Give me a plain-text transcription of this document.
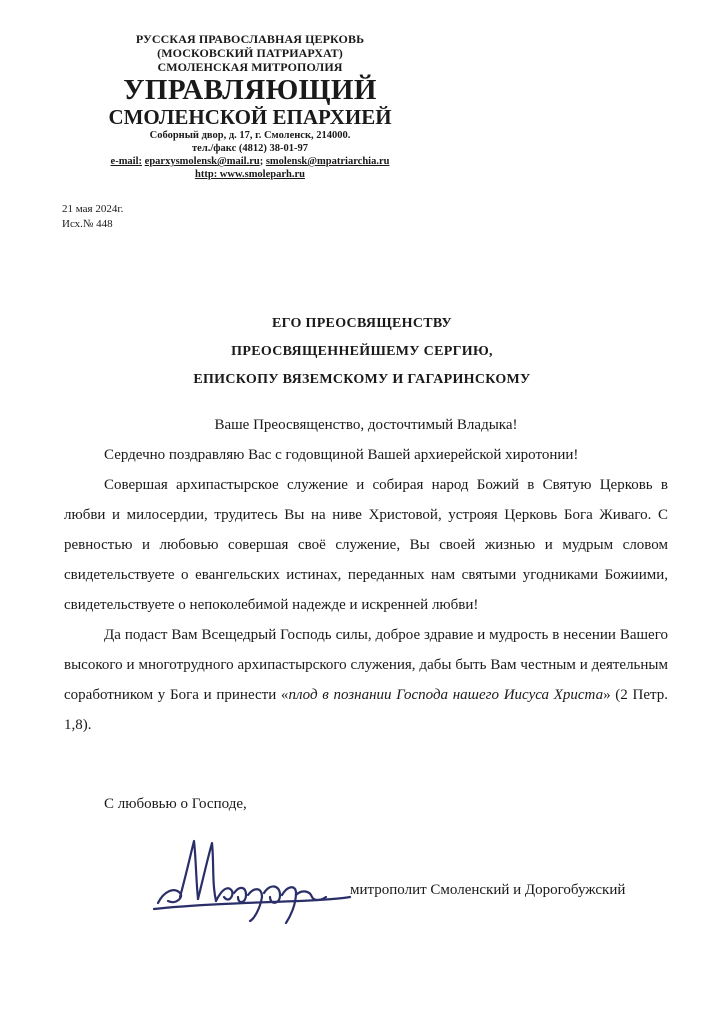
РУССКАЯ ПРАВОСЛАВНАЯ ЦЕРКОВЬ
(МОСКОВСКИЙ ПАТРИАРХАТ)
СМОЛЕНСКАЯ МИТРОПОЛИЯ
УПРАВЛЯЮЩИЙ
СМОЛЕНСКОЙ ЕПАРХИЕЙ
Соборный двор, д. 17, г. Смоленск, 214000.
тел./факс (4812) 38-01-97
e-mail: eparxysmolensk@mail.ru; smolensk@mpatriarchia.ru
http: www.smoleparh.ru
21 мая 2024г.
Исх.№ 448
ЕГО ПРЕОСВЯЩЕНСТВУ
ПРЕОСВЯЩЕННЕЙШЕМУ СЕРГИЮ,
ЕПИСКОПУ ВЯЗЕМСКОМУ И ГАГАРИНСКОМУ
Ваше Преосвященство, досточтимый Владыка!

Сердечно поздравляю Вас с годовщиной Вашей архиерейской хиротонии!

Совершая архипастырское служение и собирая народ Божий в Святую Церковь в любви и милосердии, трудитесь Вы на ниве Христовой, устрояя Церковь Бога Живаго. С ревностью и любовью совершая своё служение, Вы своей жизнью и мудрым словом свидетельствуете о евангельских истинах, переданных нам святыми угодниками Божиими, свидетельствуете о непоколебимой надежде и искренней любви!

Да подаст Вам Всещедрый Господь силы, доброе здравие и мудрость в несении Вашего высокого и многотрудного архипастырского служения, дабы быть Вам честным и деятельным соработником у Бога и принести «плод в познании Господа нашего Иисуса Христа» (2 Петр. 1,8).

С любовью о Господе,
митрополит Смоленский и Дорогобужский
